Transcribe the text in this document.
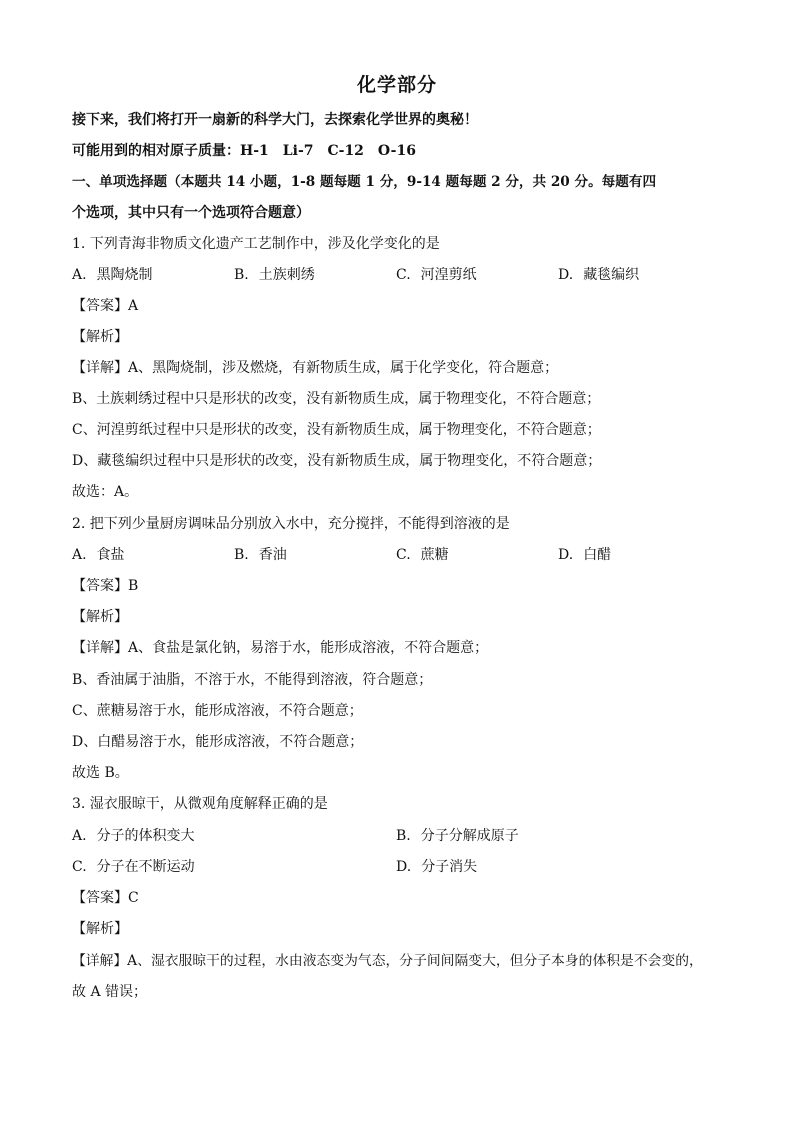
化学部分
接下来，我们将打开一扇新的科学大门，去探索化学世界的奥秘！
可能用到的相对原子质量：H-1　Li-7　C-12　O-16
一、单项选择题（本题共 14 小题，1-8 题每题 1 分，9-14 题每题 2 分，共 20 分。每题有四
个选项，其中只有一个选项符合题意）
1. 下列青海非物质文化遗产工艺制作中，涉及化学变化的是
A. 黑陶烧制	B. 土族刺绣	C. 河湟剪纸	D. 藏毯编织
【答案】A
【解析】
【详解】A、黑陶烧制，涉及燃烧，有新物质生成，属于化学变化，符合题意；
B、土族刺绣过程中只是形状的改变，没有新物质生成，属于物理变化，不符合题意；
C、河湟剪纸过程中只是形状的改变，没有新物质生成，属于物理变化，不符合题意；
D、藏毯编织过程中只是形状的改变，没有新物质生成，属于物理变化，不符合题意；
故选：A。
2. 把下列少量厨房调味品分别放入水中，充分搅拌，不能得到溶液的是
A. 食盐	B. 香油	C. 蔗糖	D. 白醋
【答案】B
【解析】
【详解】A、食盐是氯化钠，易溶于水，能形成溶液，不符合题意；
B、香油属于油脂，不溶于水，不能得到溶液，符合题意；
C、蔗糖易溶于水，能形成溶液，不符合题意；
D、白醋易溶于水，能形成溶液，不符合题意；
故选 B。
3. 湿衣服晾干，从微观角度解释正确的是
A. 分子的体积变大	B. 分子分解成原子
C. 分子在不断运动	D. 分子消失
【答案】C
【解析】
【详解】A、湿衣服晾干的过程，水由液态变为气态，分子间间隔变大，但分子本身的体积是不会变的，
故 A 错误；
